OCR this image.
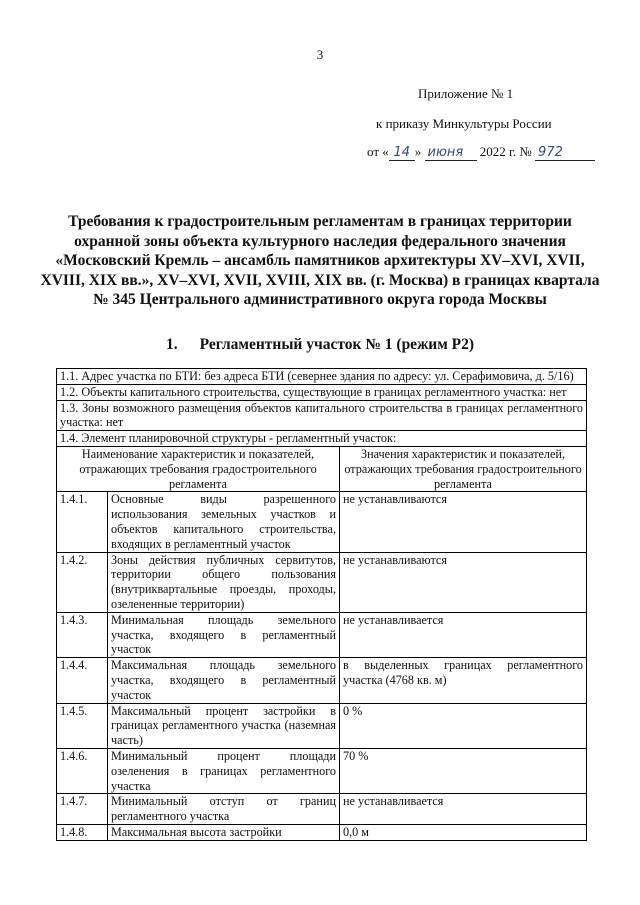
3
Приложение № 1
к приказу Минкультуры России
от « 14 » июня 2022 г. № 972
Требования к градостроительным регламентам в границах территории охранной зоны объекта культурного наследия федерального значения «Московский Кремль – ансамбль памятников архитектуры XV–XVI, XVII, XVIII, XIX вв.», XV–XVI, XVII, XVIII, XIX вв. (г. Москва) в границах квартала № 345 Центрального административного округа города Москвы
1. Регламентный участок № 1 (режим Р2)
1.1. Адрес участка по БТИ: без адреса БТИ (севернее здания по адресу: ул. Серафимовича, д. 5/16)		
1.2. Объекты капитального строительства, существующие в границах регламентного участка: нет		
1.3. Зоны возможного размещения объектов капитального строительства в границах регламентного участка: нет		
1.4. Элемент планировочной структуры - регламентный участок:		
Наименование характеристик и показателей, отражающих требования градостроительного регламента		Значения характеристик и показателей, отражающих требования градостроительного регламента
1.4.1.	Основные виды разрешенного использования земельных участков и объектов капитального строительства, входящих в регламентный участок	не устанавливаются
1.4.2.	Зоны действия публичных сервитутов, территории общего пользования (внутриквартальные проезды, проходы, озелененные территории)	не устанавливаются
1.4.3.	Минимальная площадь земельного участка, входящего в регламентный участок	не устанавливается
1.4.4.	Максимальная площадь земельного участка, входящего в регламентный участок	в выделенных границах регламентного участка (4768 кв. м)
1.4.5.	Максимальный процент застройки в границах регламентного участка (наземная часть)	0 %
1.4.6.	Минимальный процент площади озеленения в границах регламентного участка	70 %
1.4.7.	Минимальный отступ от границ регламентного участка	не устанавливается
1.4.8.	Максимальная высота застройки	0,0 м
